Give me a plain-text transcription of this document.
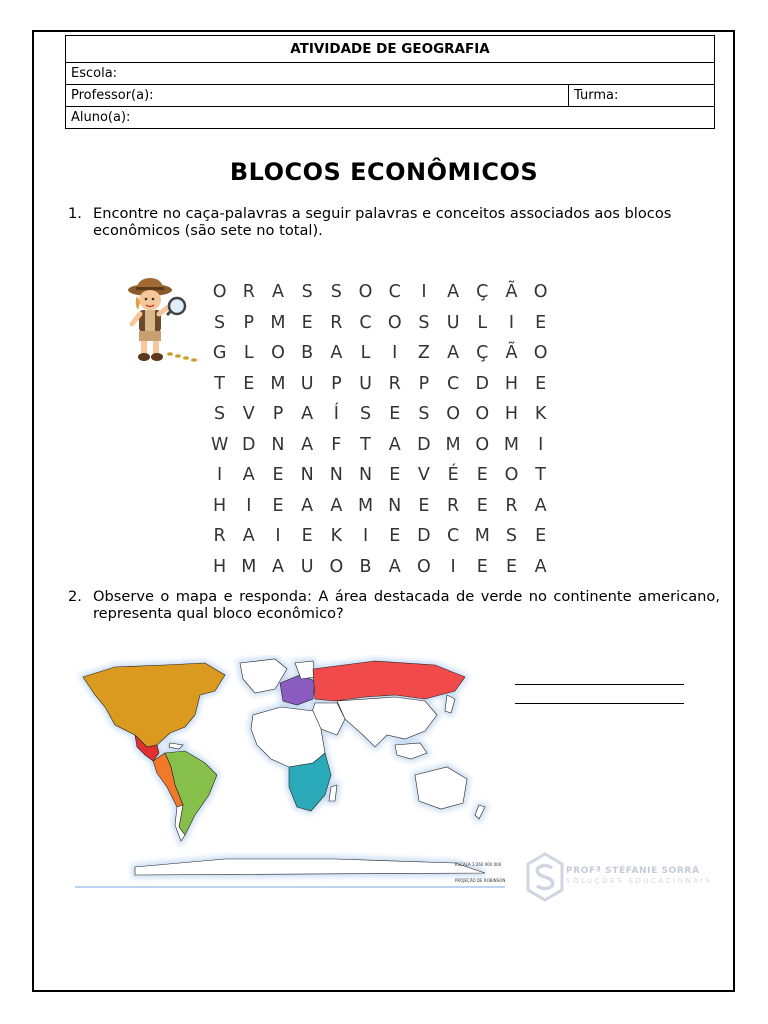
ATIVIDADE DE GEOGRAFIA
Escola:
Professor(a):	Turma:
Aluno(a):
BLOCOS ECONÔMICOS
1. Encontre no caça-palavras a seguir palavras e conceitos associados aos blocos econômicos (são sete no total).
O R A	S	S O C	I	A Ç Ã O
S	P M E	R C O S U	L	I	E
G	L O B A	L	I	Z A Ç Ã O
T	E M U	P	U R	P	C D H E
S	V	P	A	Í	S	E	S O O H K
W D N A	F	T	A D M O M	I
I	A	E N N N E	V	É	E O T
H	I	E	A A M N E	R	E	R A
R A	I	E	K	I	E D C M S	E
H M A U O B A O	I	E	E	A
2. Observe o mapa e responda: A área destacada de verde no continente americano, representa qual bloco econômico?
ESCALA 1:260 000 000
PROJEÇÃO DE ROBINSON
PROFª STÉFANIE SORRÁ
SOLUÇÕES EDUCACIONAIS
